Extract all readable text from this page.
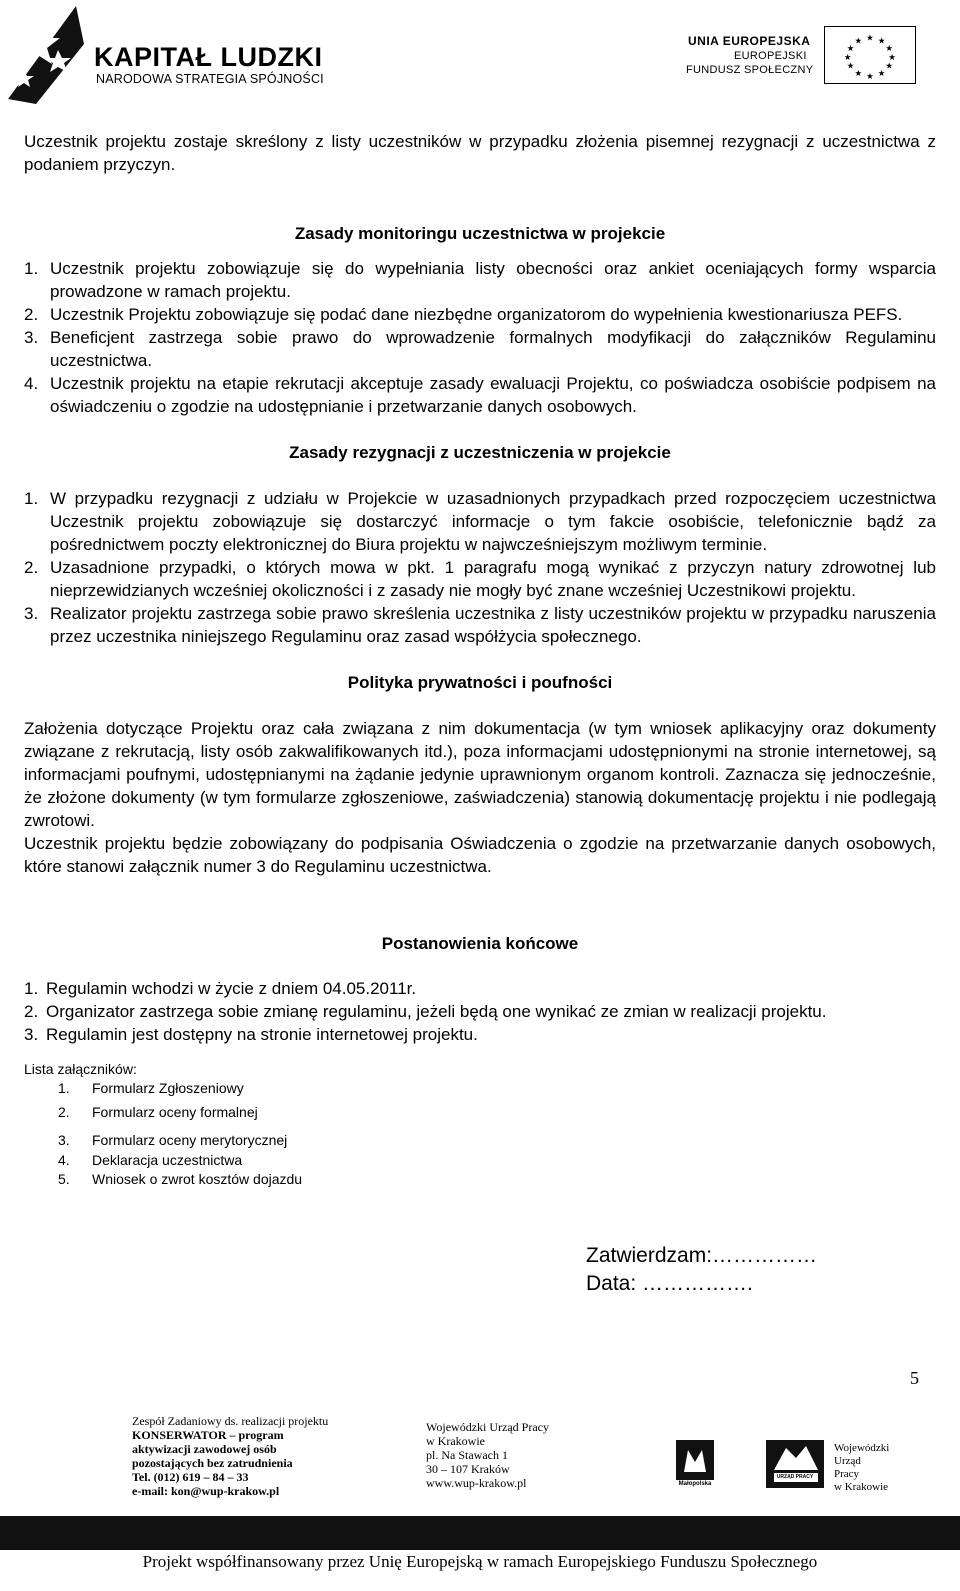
KAPITAŁ LUDZKI
NARODOWA STRATEGIA SPÓJNOŚCI
UNIA EUROPEJSKA
EUROPEJSKI
FUNDUSZ SPOŁECZNY
★ ★
★
★
★
★
★
★
★
★
★
★

Uczestnik projektu zostaje skreślony z listy uczestników w przypadku złożenia pisemnej rezygnacji z uczestnictwa z podaniem przyczyn.

Zasady monitoringu uczestnictwa w projekcie

1. Uczestnik projektu zobowiązuje się do wypełniania listy obecności oraz ankiet oceniających formy wsparcia prowadzone w ramach projektu.
2. Uczestnik Projektu zobowiązuje się podać dane niezbędne organizatorom do wypełnienia kwestionariusza PEFS.
3. Beneficjent zastrzega sobie prawo do wprowadzenie formalnych modyfikacji do załączników Regulaminu uczestnictwa.
4. Uczestnik projektu na etapie rekrutacji akceptuje zasady ewaluacji Projektu, co poświadcza osobiście podpisem na oświadczeniu o zgodzie na udostępnianie i przetwarzanie danych osobowych.

Zasady rezygnacji z uczestniczenia w projekcie

1. W przypadku rezygnacji z udziału w Projekcie w uzasadnionych przypadkach przed rozpoczęciem uczestnictwa Uczestnik projektu zobowiązuje się dostarczyć informacje o tym fakcie osobiście, telefonicznie bądź za pośrednictwem poczty elektronicznej do Biura projektu w najwcześniejszym możliwym terminie.
2. Uzasadnione przypadki, o których mowa w pkt. 1 paragrafu mogą wynikać z przyczyn natury zdrowotnej lub nieprzewidzianych wcześniej okoliczności i z zasady nie mogły być znane wcześniej Uczestnikowi projektu.
3. Realizator projektu zastrzega sobie prawo skreślenia uczestnika z listy uczestników projektu w przypadku naruszenia przez uczestnika niniejszego Regulaminu oraz zasad współżycia społecznego.

Polityka prywatności i poufności

Założenia dotyczące Projektu oraz cała związana z nim dokumentacja (w tym wniosek aplikacyjny oraz dokumenty związane z rekrutacją, listy osób zakwalifikowanych itd.), poza informacjami udostępnionymi na stronie internetowej, są informacjami poufnymi, udostępnianymi na żądanie jedynie uprawnionym organom kontroli. Zaznacza się jednocześnie, że złożone dokumenty (w tym formularze zgłoszeniowe, zaświadczenia) stanowią dokumentację projektu i nie podlegają zwrotowi.

Uczestnik projektu będzie zobowiązany do podpisania Oświadczenia o zgodzie na przetwarzanie danych osobowych, które stanowi załącznik numer 3 do Regulaminu uczestnictwa.

Postanowienia końcowe

1. Regulamin wchodzi w życie z dniem 04.05.2011r.
2. Organizator zastrzega sobie zmianę regulaminu, jeżeli będą one wynikać ze zmian w realizacji projektu.
3. Regulamin jest dostępny na stronie internetowej projektu.
Lista załączników:
1.	Formularz Zgłoszeniowy
2.	Formularz oceny formalnej
3.	Formularz oceny merytorycznej
4.	Deklaracja uczestnictwa
5.	Wniosek o zwrot kosztów dojazdu
Zatwierdzam:……………
Data: …………….
5
Zespół Zadaniowy ds. realizacji projektu
KONSERWATOR – program
aktywizacji zawodowej osób
pozostających bez zatrudnienia
Tel. (012) 619 – 84 – 33
e-mail: kon@wup-krakow.pl
Wojewódzki Urząd Pracy
w Krakowie
pl. Na Stawach 1
30 – 107 Kraków
www.wup-krakow.pl	Małopolska
URZĄD PRACY
Wojewódzki
Urząd
Pracy
w Krakowie
Projekt współfinansowany przez Unię Europejską w ramach Europejskiego Funduszu Społecznego
